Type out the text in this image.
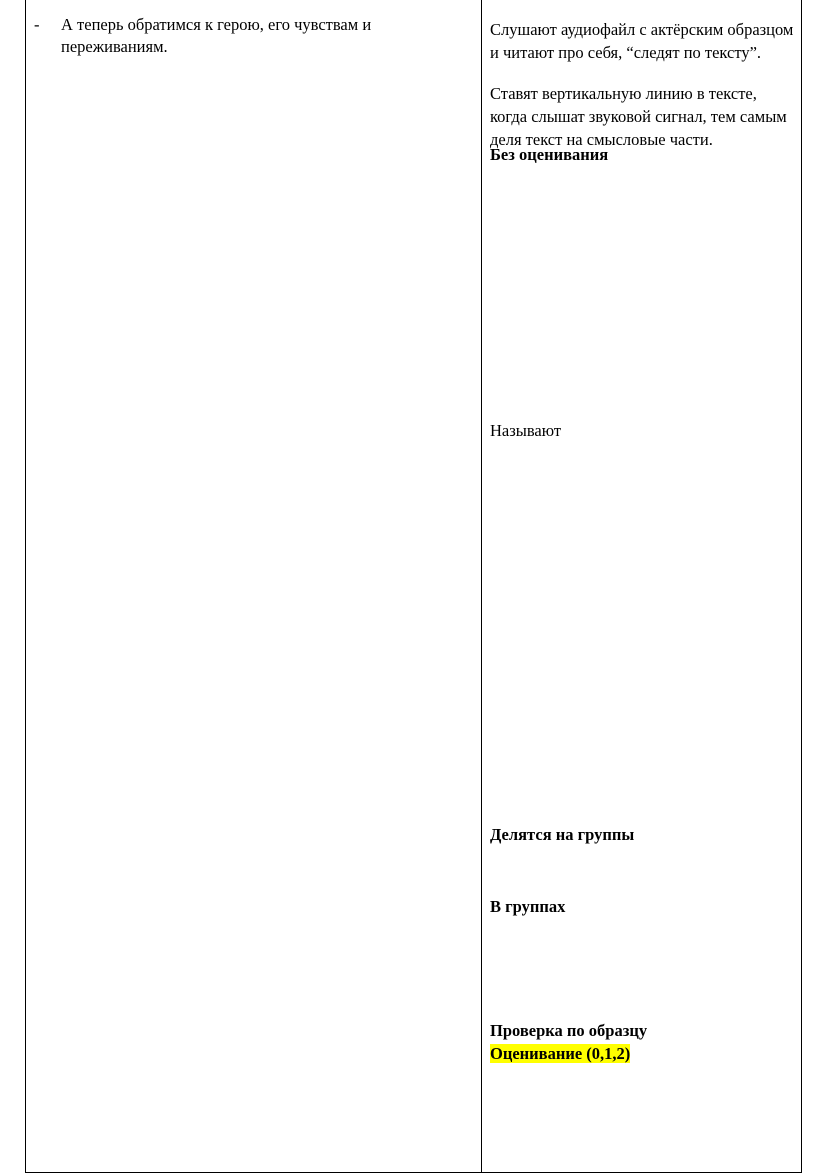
- А теперь обратимся к герою, его чувствам и переживаниям.
Слушают аудиофайл с актёрским образцом и читают про себя, “следят по тексту”.
Ставят вертикальную линию в тексте, когда слышат звуковой сигнал, тем самым деля текст на смысловые части.
Без оценивания
Называют
Делятся на группы
В группах
Проверка по образцу
Оценивание (0,1,2)
